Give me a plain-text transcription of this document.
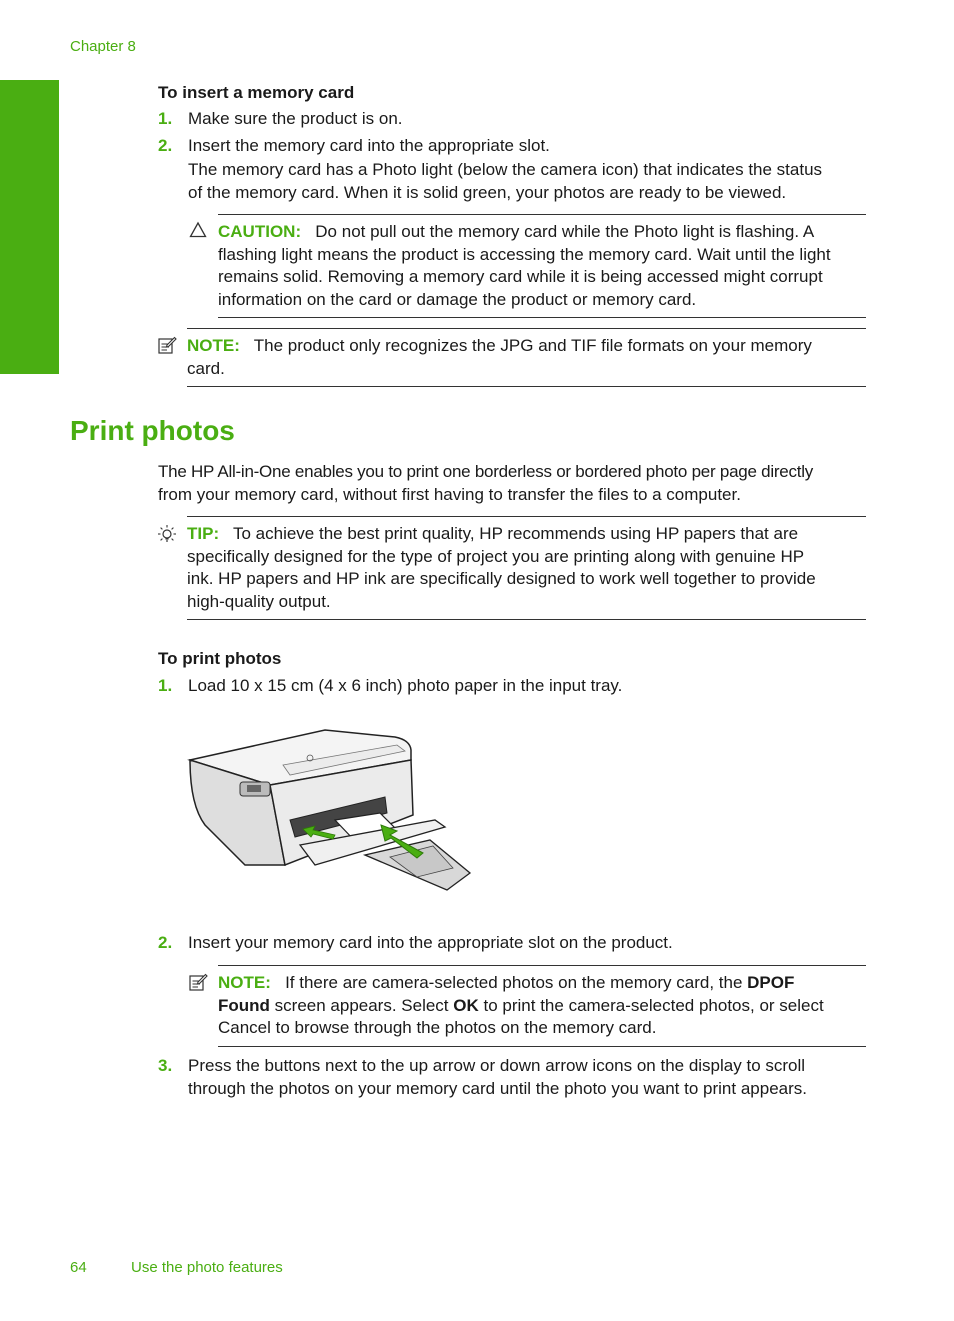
Chapter 8
Photos
To insert a memory card
1. Make sure the product is on.
2. Insert the memory card into the appropriate slot.
The memory card has a Photo light (below the camera icon) that indicates the status
of the memory card. When it is solid green, your photos are ready to be viewed.
CAUTION: Do not pull out the memory card while the Photo light is flashing. A
flashing light means the product is accessing the memory card. Wait until the light
remains solid. Removing a memory card while it is being accessed might corrupt
information on the card or damage the product or memory card.
NOTE: The product only recognizes the JPG and TIF file formats on your memory
card.
Print photos
The HP All-in-One enables you to print one borderless or bordered photo per page directly
from your memory card, without first having to transfer the files to a computer.
TIP: To achieve the best print quality, HP recommends using HP papers that are
specifically designed for the type of project you are printing along with genuine HP
ink. HP papers and HP ink are specifically designed to work well together to provide
high-quality output.
To print photos
1. Load 10 x 15 cm (4 x 6 inch) photo paper in the input tray.
2. Insert your memory card into the appropriate slot on the product.
NOTE: If there are camera-selected photos on the memory card, the DPOF
Found screen appears. Select OK to print the camera-selected photos, or select
Cancel to browse through the photos on the memory card.
3. Press the buttons next to the up arrow or down arrow icons on the display to scroll
through the photos on your memory card until the photo you want to print appears.
64	Use the photo features
